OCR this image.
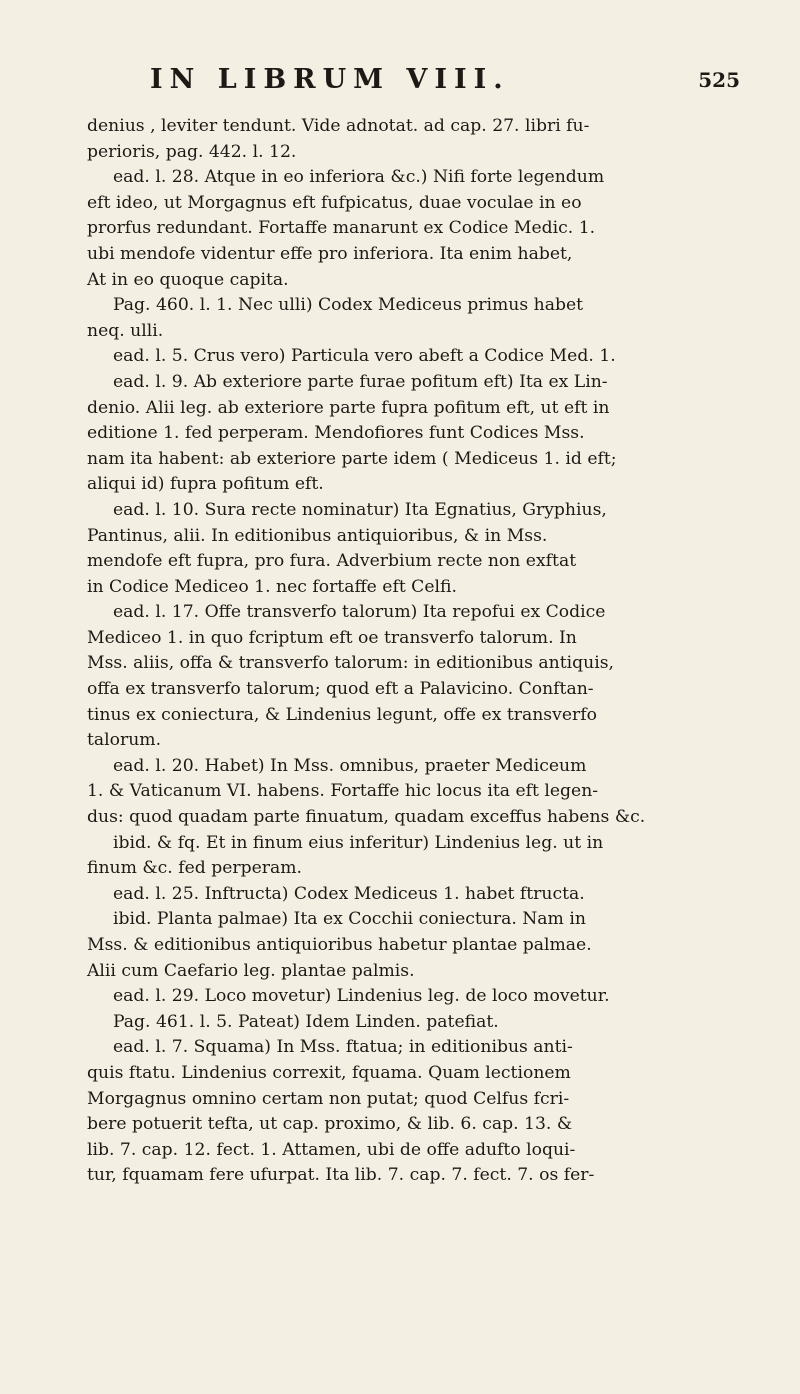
IN LIBRUM VIII.	525
denius , leviter tendunt. Vide adnotat. ad cap. 27. libri fu-
perioris, pag. 442. l. 12.
ead. l. 28. Atque in eo inferiora &c.) Nifi forte legendum
eft ideo, ut Morgagnus eft fufpicatus, duae voculae in eo
prorfus redundant. Fortaffe manarunt ex Codice Medic. 1.
ubi mendofe videntur effe pro inferiora. Ita enim habet,
At in eo quoque capita.
Pag. 460. l. 1. Nec ulli) Codex Mediceus primus habet
neq. ulli.
ead. l. 5. Crus vero) Particula vero abeft a Codice Med. 1.
ead. l. 9. Ab exteriore parte furae pofitum eft) Ita ex Lin-
denio. Alii leg. ab exteriore parte fupra pofitum eft, ut eft in
editione 1. fed perperam. Mendofiores funt Codices Mss.
nam ita habent: ab exteriore parte idem ( Mediceus 1. id eft;
aliqui id) fupra pofitum eft.
ead. l. 10. Sura recte nominatur) Ita Egnatius, Gryphius,
Pantinus, alii. In editionibus antiquioribus, & in Mss.
mendofe eft fupra, pro fura. Adverbium recte non exftat
in Codice Mediceo 1. nec fortaffe eft Celfi.
ead. l. 17. Offe transverfo talorum) Ita repofui ex Codice
Mediceo 1. in quo fcriptum eft oe transverfo talorum. In
Mss. aliis, offa & transverfo talorum: in editionibus antiquis,
offa ex transverfo talorum; quod eft a Palavicino. Conftan-
tinus ex coniectura, & Lindenius legunt, offe ex transverfo
talorum.
ead. l. 20. Habet) In Mss. omnibus, praeter Mediceum
1. & Vaticanum VI. habens. Fortaffe hic locus ita eft legen-
dus: quod quadam parte finuatum, quadam exceffus habens &c.
ibid. & fq. Et in finum eius inferitur) Lindenius leg. ut in
finum &c. fed perperam.
ead. l. 25. Inftructa) Codex Mediceus 1. habet ftructa.
ibid. Planta palmae) Ita ex Cocchii coniectura. Nam in
Mss. & editionibus antiquioribus habetur plantae palmae.
Alii cum Caefario leg. plantae palmis.
ead. l. 29. Loco movetur) Lindenius leg. de loco movetur.
Pag. 461. l. 5. Pateat) Idem Linden. patefiat.
ead. l. 7. Squama) In Mss. ftatua; in editionibus anti-
quis ftatu. Lindenius correxit, fquama. Quam lectionem
Morgagnus omnino certam non putat; quod Celfus fcri-
bere potuerit tefta, ut cap. proximo, & lib. 6. cap. 13. &
lib. 7. cap. 12. fect. 1. Attamen, ubi de offe adufto loqui-
tur, fquamam fere ufurpat. Ita lib. 7. cap. 7. fect. 7. os fer-
